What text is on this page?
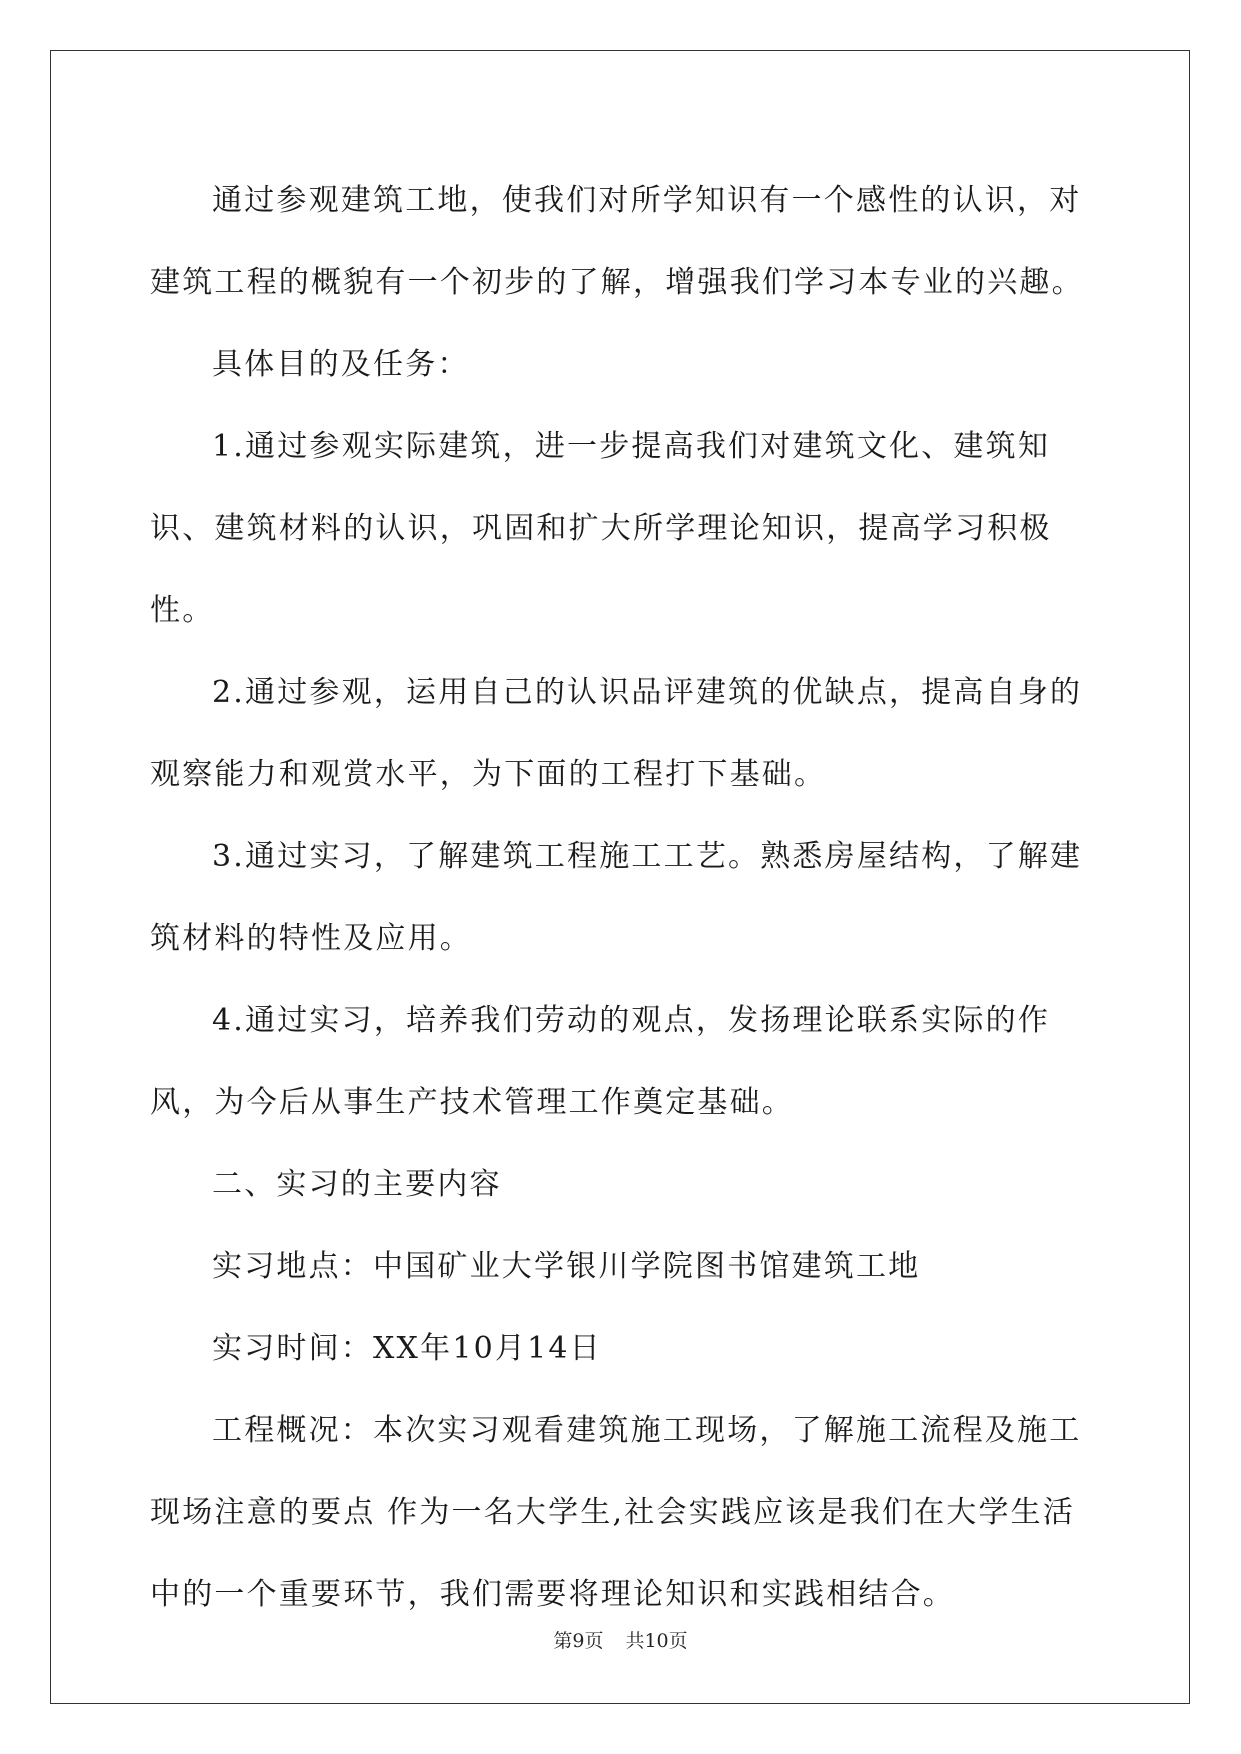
通过参观建筑工地，使我们对所学知识有一个感性的认识，对建筑工程的概貌有一个初步的了解，增强我们学习本专业的兴趣。

具体目的及任务：

1.通过参观实际建筑，进一步提高我们对建筑文化、建筑知识、建筑材料的认识，巩固和扩大所学理论知识，提高学习积极性。

2.通过参观，运用自己的认识品评建筑的优缺点，提高自身的观察能力和观赏水平，为下面的工程打下基础。

3.通过实习，了解建筑工程施工工艺。熟悉房屋结构，了解建筑材料的特性及应用。

4.通过实习，培养我们劳动的观点，发扬理论联系实际的作风，为今后从事生产技术管理工作奠定基础。

二、实习的主要内容

实习地点：中国矿业大学银川学院图书馆建筑工地

实习时间：XX年10月14日

工程概况：本次实习观看建筑施工现场，了解施工流程及施工现场注意的要点 作为一名大学生,社会实践应该是我们在大学生活中的一个重要环节，我们需要将理论知识和实践相结合。

第9页 共10页
